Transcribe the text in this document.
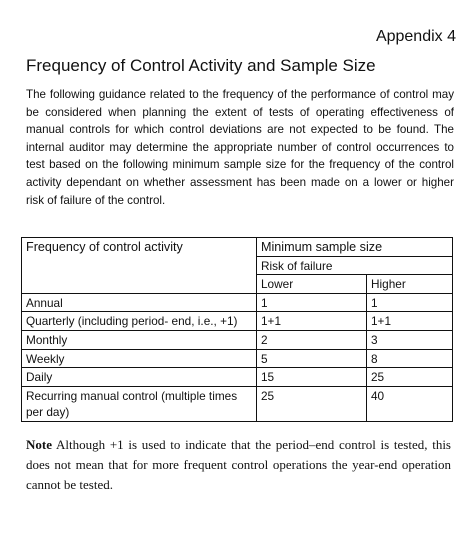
Appendix 4
Frequency of Control Activity and Sample Size

The following guidance related to the frequency of the performance of control may be considered when planning the extent of tests of operating effectiveness of manual controls for which control deviations are not expected to be found. The internal auditor may determine the appropriate number of control occurrences to test based on the following minimum sample size for the frequency of the control activity dependant on whether assessment has been made on a lower or higher risk of failure of the control.

Frequency of control activity	Minimum sample size	
	Risk of failure	
	Lower	Higher
Annual	1	1
Quarterly (including period- end, i.e., +1)	1+1	1+1
Monthly	2	3
Weekly	5	8
Daily	15	25
Recurring manual control (multiple times per day)	25	40

Note Although +1 is used to indicate that the period–end control is tested, this does not mean that for more frequent control operations the year-end operation cannot be tested.
